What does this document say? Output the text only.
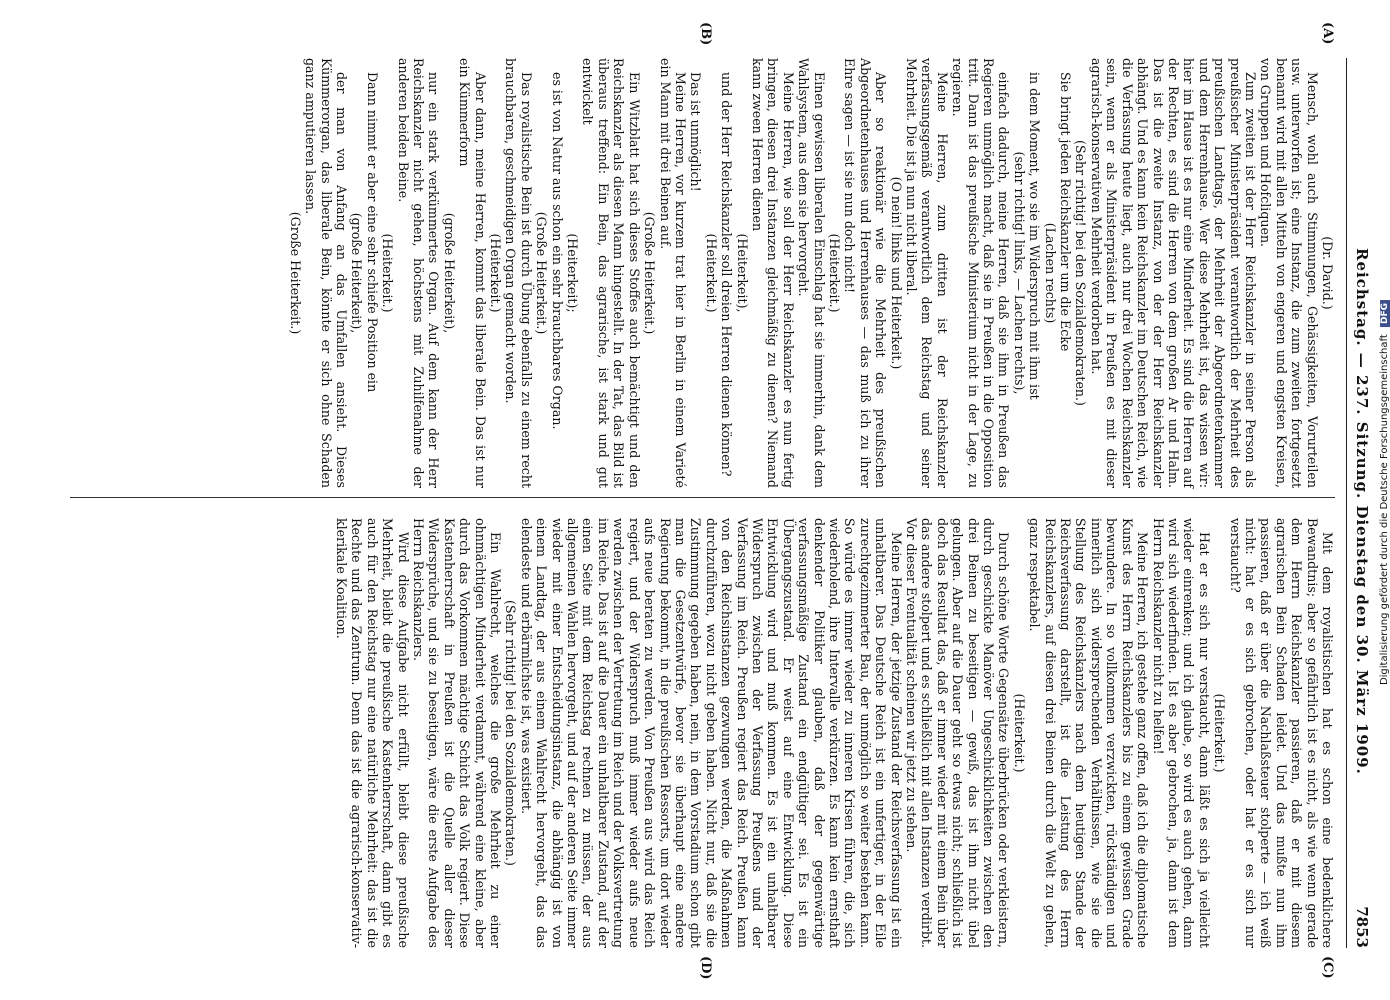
Reichstag. — 237. Sitzung. Dienstag den 30. März 1909.
7853
(A)
(B)
(C)
(D)

(Dr. David.)

Mensch, wohl auch Stimmungen, Gehässigkeiten, Vorurteilen usw. unterworfen ist; eine Instanz, die zum zweiten fortgesetzt benannt wird mit allen Mitteln von engeren und engsten Kreisen, von Gruppen und Hofcliquen.

Zum zweiten ist der Herr Reichskanzler in seiner Person als preußischer Ministerpräsident verantwortlich der Mehrheit des preußischen Landtags, der Mehrheit der Abgeordnetenkammer und dem Herrenhause. Wer diese Mehrheit ist, das wissen wir: hier im Hause ist es nur eine Minderheit. Es sind die Herren auf der Rechten, es sind die Herren von dem großen Ar und Halm. Das ist die zweite Instanz, von der der Herr Reichskanzler abhängt. Und es kann kein Reichskanzler im Deutschen Reich, wie die Verfassung heute liegt, auch nur drei Wochen Reichskanzler sein, wenn er als Ministerpräsident in Preußen es mit dieser agrarisch-konservativen Mehrheit verdorben hat.

(Sehr richtig! bei den Sozialdemokraten.)

Sie bringt jeden Reichskanzler um die Ecke

(Lachen rechts)

in dem Moment, wo sie im Widerspruch mit ihm ist

(sehr richtig! links, — Lachen rechts),

einfach dadurch, meine Herren, daß sie ihm in Preußen das Regieren unmöglich macht, daß sie in Preußen in die Opposition tritt. Dann ist das preußische Ministerium nicht in der Lage, zu regieren.

Meine Herren, zum dritten ist der Reichskanzler verfassungsgemäß verantwortlich dem Reichstag und seiner Mehrheit. Die ist ja nun nicht liberal.

(O nein! links und Heiterkeit.)

Aber so reaktionär wie die Mehrheit des preußischen Abgeordnetenhauses und Herrenhauses — das muß ich zu ihrer Ehre sagen — ist sie nun doch nicht!

(Heiterkeit.)

Einen gewissen liberalen Einschlag hat sie immerhin, dank dem Wahlsystem, aus dem sie hervorgeht.

Meine Herren, wie soll der Herr Reichskanzler es nun fertig bringen, diesen drei Instanzen gleichmäßig zu dienen? Niemand kann zween Herren dienen

(Heiterkeit),

und der Herr Reichskanzler soll dreien Herren dienen können?

(Heiterkeit.)

Das ist unmöglich!

Meine Herren, vor kurzem trat hier in Berlin in einem Varieté ein Mann mit drei Beinen auf.

(Große Heiterkeit.)

Ein Witzblatt hat sich dieses Stoffes auch bemächtigt und den Reichskanzler als diesen Mann hingestellt. In der Tat, das Bild ist überaus treffend: Ein Bein, das agrarische, ist stark und gut entwickelt

(Heiterkeit);

es ist von Natur aus schon ein sehr brauchbares Organ.

(Große Heiterkeit.)

Das royalistische Bein ist durch Übung ebenfalls zu einem recht brauchbaren, geschmeidigen Organ gemacht worden.

(Heiterkeit.)

Aber dann, meine Herren, kommt das liberale Bein. Das ist nur ein Kümmerform

(große Heiterkeit),

nur ein stark verkümmertes Organ. Auf dem kann der Herr Reichskanzler nicht gehen, höchstens mit Zuhilfenahme der anderen beiden Beine.

(Heiterkeit.)

Dann nimmt er aber eine sehr schiefe Position ein

(große Heiterkeit),

der man von Anfang an das Umfallen ansieht. Dieses Kümmerorgan, das liberale Bein, könnte er sich ohne Schaden ganz amputieren lassen.

(Große Heiterkeit.)

Mit dem royalistischen hat es schon eine bedenklichere Bewandtnis; aber so gefährlich ist es nicht, als wie wenn gerade dem Herrn Reichskanzler passieren, daß er mit diesem agrarischen Bein Schaden leidet. Und das mußte nun ihm passieren, daß er über die Nachlaßsteuer stolperte — ich weiß nicht: hat er es sich gebrochen, oder hat er es sich nur verstaucht?

(Heiterkeit.)

Hat er es sich nur verstaucht, dann läßt es sich ja vielleicht wieder einrenken; und ich glaube, so wird es auch gehen, dann wird sich wiederfinden. Ist es aber gebrochen, ja, dann ist dem Herrn Reichskanzler nicht zu helfen!

Meine Herren, ich gestehe ganz offen, daß ich die diplomatische Kunst des Herrn Reichskanzlers bis zu einem gewissen Grade bewundere. In so vollkommen verzwickten, rückständigen und innerlich sich widersprechenden Verhältnissen, wie sie die Stellung des Reichskanzlers nach dem heutigen Stande der Reichsverfassung darstellt, ist die Leistung des Herrn Reichskanzlers, auf diesen drei Beinen durch die Welt zu gehen, ganz respektabel.

(Heiterkeit.)

Durch schöne Worte Gegensätze überbrücken oder verkleistern, durch geschickte Manöver Ungeschicklichkeiten zwischen den drei Beinen zu beseitigen — gewiß, das ist ihm nicht übel gelungen. Aber auf die Dauer geht so etwas nicht; schließlich ist doch das Resultat das, daß er immer wieder mit einem Bein über das andere stolpert und es schließlich mit allen Instanzen verdirbt. Vor dieser Eventualität scheinen wir jetzt zu stehen.

Meine Herren, der jetzige Zustand der Reichsverfassung ist ein unhaltbarer. Das Deutsche Reich ist ein unfertiger, in der Eile zurechtgezimmerter Bau, der unmöglich so weiter bestehen kann. So würde es immer wieder zu inneren Krisen führen, die, sich wiederholend, ihre Intervalle verkürzen. Es kann kein ernsthaft denkender Politiker glauben, daß der gegenwärtige verfassungsmäßige Zustand ein endgültiger sei. Es ist ein Übergangszustand. Er weist auf eine Entwicklung. Diese Entwicklung wird und muß kommen. Es ist ein unhaltbarer Widerspruch zwischen der Verfassung Preußens und der Verfassung im Reich. Preußen regiert das Reich. Preußen kann von den Reichsinstanzen gezwungen werden, die Maßnahmen durchzuführen, wozu nicht geben haben. Nicht nur, daß sie die Zustimmung gegeben haben, nein, in dem Vorstadium schon gibt man die Gesetzentwürfe, bevor sie überhaupt eine andere Regierung bekommt, in die preußischen Ressorts, um dort wieder aufs neue beraten zu werden. Von Preußen aus wird das Reich regiert, und der Widerspruch muß immer wieder aufs neue werden zwischen der Vertretung im Reich und der Volksvertretung im Reiche. Das ist auf die Dauer ein unhaltbarer Zustand, auf der einen Seite mit dem Reichstag rechnen zu müssen, der aus allgemeinen Wahlen hervorgeht, und auf der anderen Seite immer wieder mit einer Entscheidungsinstanz, die abhängig ist von einem Landtag, der aus einem Wahlrecht hervorgeht, das das elendeste und erbärmlichste ist, was existiert.

(Sehr richtig! bei den Sozialdemokraten.)

Ein Wahlrecht, welches die große Mehrheit zu einer ohnmächtigen Minderheit verdammt, während eine kleine, aber durch das Vorkommen mächtige Schicht das Volk regiert. Diese Kastenherrschaft in Preußen ist die Quelle aller dieser Widersprüche, und sie zu beseitigen, wäre die erste Aufgabe des Herrn Reichskanzlers.

Wird diese Aufgabe nicht erfüllt, bleibt diese preußische Mehrheit, bleibt die preußische Kastenherrschaft, dann gibt es auch für den Reichstag nur eine natürliche Mehrheit: das ist die Rechte und das Zentrum. Denn das ist die agrarisch-konservativ-klerikale Koalition.	Digitalisierung gefördert durch die Deutsche Forschungsgemeinschaft DFG
